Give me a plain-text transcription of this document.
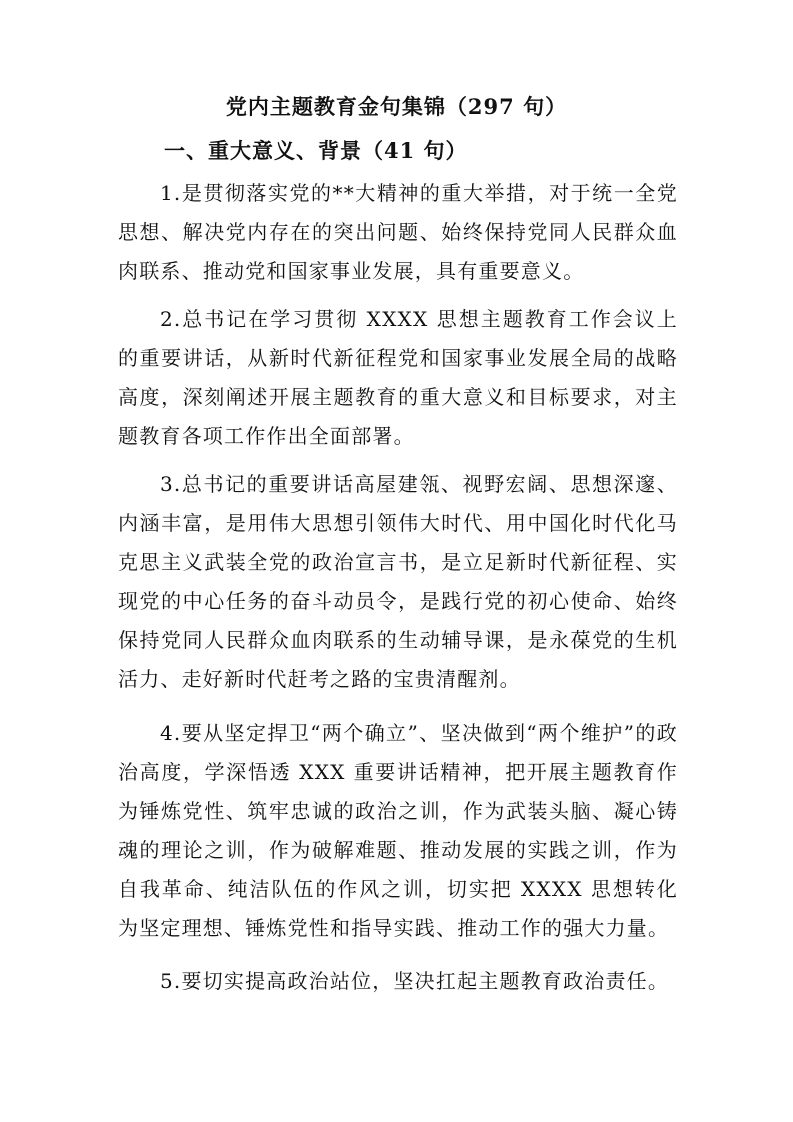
党内主题教育金句集锦（297 句）
一、重大意义、背景（41 句）

1.是贯彻落实党的**大精神的重大举措，对于统一全党思想、解决党内存在的突出问题、始终保持党同人民群众血肉联系、推动党和国家事业发展，具有重要意义。

2.总书记在学习贯彻 XXXX 思想主题教育工作会议上的重要讲话，从新时代新征程党和国家事业发展全局的战略高度，深刻阐述开展主题教育的重大意义和目标要求，对主题教育各项工作作出全面部署。

3.总书记的重要讲话高屋建瓴、视野宏阔、思想深邃、内涵丰富，是用伟大思想引领伟大时代、用中国化时代化马克思主义武装全党的政治宣言书，是立足新时代新征程、实现党的中心任务的奋斗动员令，是践行党的初心使命、始终保持党同人民群众血肉联系的生动辅导课，是永葆党的生机活力、走好新时代赶考之路的宝贵清醒剂。

4.要从坚定捍卫“两个确立”、坚决做到“两个维护”的政治高度，学深悟透 XXX 重要讲话精神，把开展主题教育作为锤炼党性、筑牢忠诚的政治之训，作为武装头脑、凝心铸魂的理论之训，作为破解难题、推动发展的实践之训，作为自我革命、纯洁队伍的作风之训，切实把 XXXX 思想转化为坚定理想、锤炼党性和指导实践、推动工作的强大力量。

5.要切实提高政治站位，坚决扛起主题教育政治责任。
